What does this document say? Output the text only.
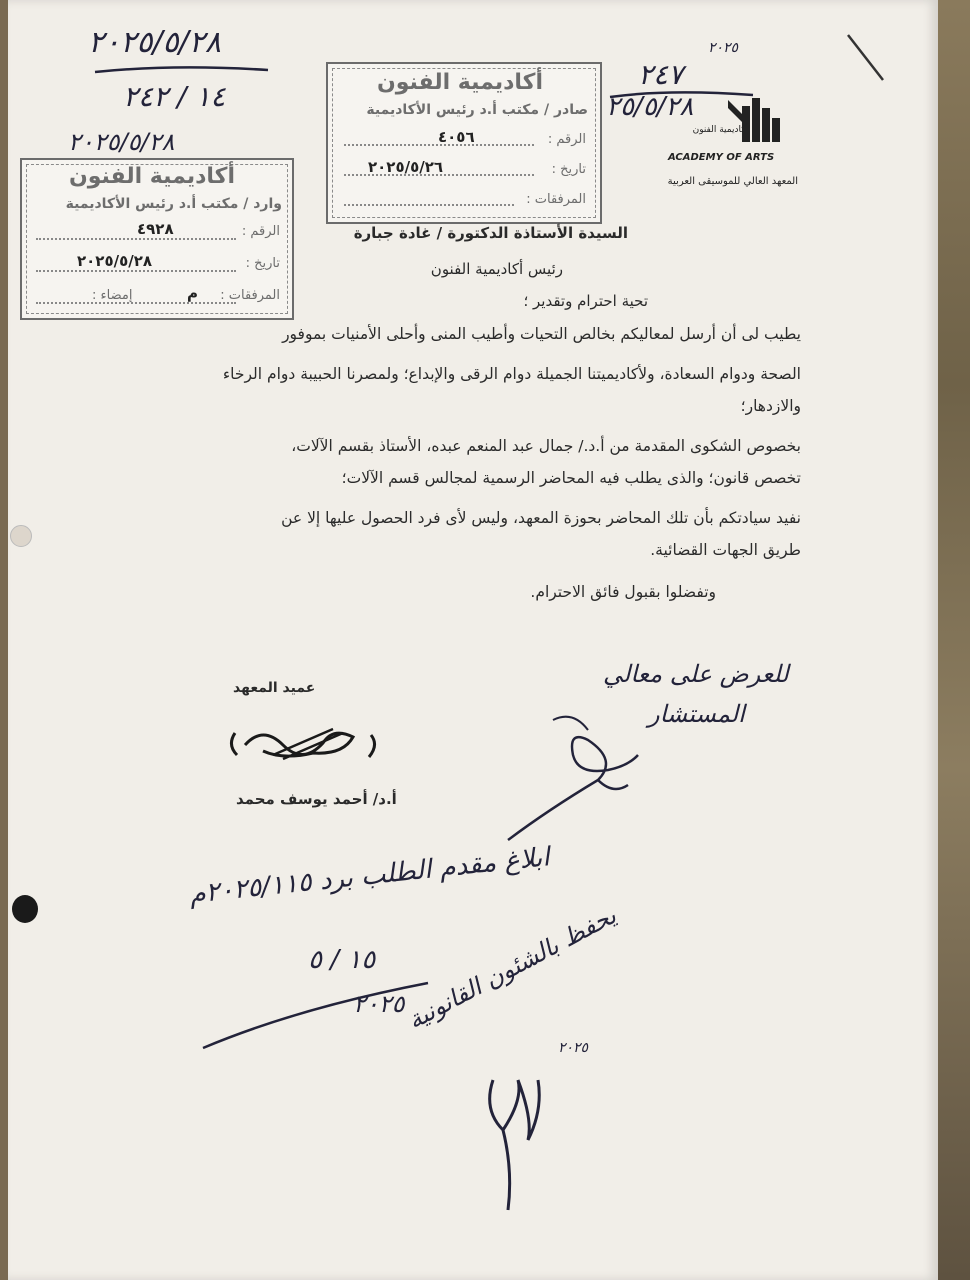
٢٠٢٥/٥/٢٨
١٤ / ٢٤٢
٢٠٢٥/٥/٢٨
أكاديمية الفنون
صادر / مكتب أ.د رئيس الأكاديمية
الرقم :
٤٠٥٦
تاريخ :
٢٠٢٥/٥/٢٦
المرفقات :
أكاديمية الفنون
وارد / مكتب أ.د رئيس الأكاديمية
الرقم :
٤٩٢٨
تاريخ :
٢٠٢٥/٥/٢٨
المرفقات :
م
إمضاء :
٢٠٢٥
٢٤٧
٢٥/٥/٢٨
أكاديمية الفنون
ACADEMY OF ARTS
المعهد العالي للموسيقى العربية
السيدة الأستاذة الدكتورة / غادة جبارة
رئيس أكاديمية الفنون
تحية احترام وتقدير ؛
يطيب لى أن أرسل لمعاليكم بخالص التحيات وأطيب المنى وأحلى الأمنيات بموفور
الصحة ودوام السعادة، ولأكاديميتنا الجميلة دوام الرقى والإبداع؛ ولمصرنا الحبيبة دوام الرخاء
والازدهار؛
بخصوص الشكوى المقدمة من أ.د./ جمال عبد المنعم عبده، الأستاذ بقسم الآلات،
تخصص قانون؛ والذى يطلب فيه المحاضر الرسمية لمجالس قسم الآلات؛
نفيد سيادتكم بأن تلك المحاضر بحوزة المعهد، وليس لأى فرد الحصول عليها إلا عن
طريق الجهات القضائية.
وتفضلوا بقبول فائق الاحترام.
للعرض على معالي
المستشار
عميد المعهد
أ.د/ أحمد يوسف محمد
ابلاغ مقدم الطلب برد ٢٠٢٥/١١٥م
١٥ / ٥
٢٠٢٥
يحفظ بالشئون القانونية
٢٠٢٥
